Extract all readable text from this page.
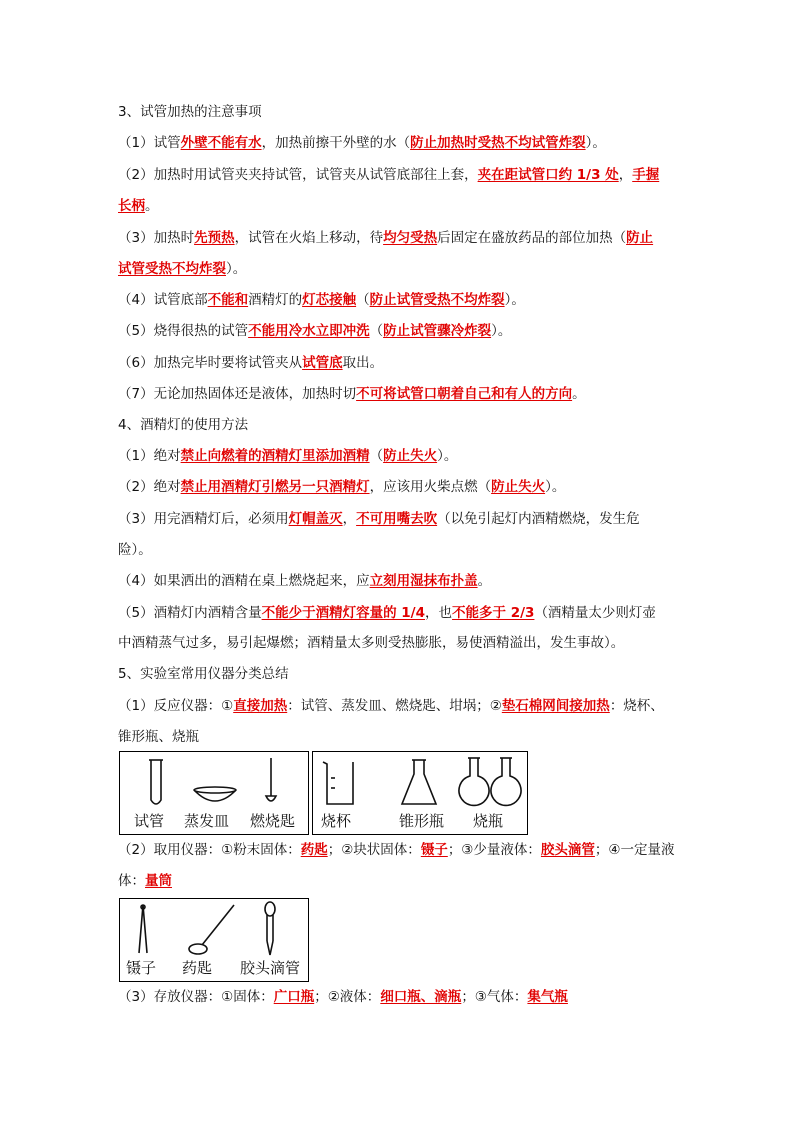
3、试管加热的注意事项
（1）试管外壁不能有水，加热前擦干外壁的水（防止加热时受热不均试管炸裂）。
（2）加热时用试管夹夹持试管，试管夹从试管底部往上套，夹在距试管口约 1/3 处，手握
长柄。
（3）加热时先预热，试管在火焰上移动，待均匀受热后固定在盛放药品的部位加热（防止
试管受热不均炸裂）。
（4）试管底部不能和酒精灯的灯芯接触（防止试管受热不均炸裂）。
（5）烧得很热的试管不能用冷水立即冲洗（防止试管骤冷炸裂）。
（6）加热完毕时要将试管夹从试管底取出。
（7）无论加热固体还是液体，加热时切不可将试管口朝着自己和有人的方向。
4、酒精灯的使用方法
（1）绝对禁止向燃着的酒精灯里添加酒精（防止失火）。
（2）绝对禁止用酒精灯引燃另一只酒精灯，应该用火柴点燃（防止失火）。
（3）用完酒精灯后，必须用灯帽盖灭，不可用嘴去吹（以免引起灯内酒精燃烧，发生危
险）。
（4）如果洒出的酒精在桌上燃烧起来，应立刻用湿抹布扑盖。
（5）酒精灯内酒精含量不能少于酒精灯容量的 1/4，也不能多于 2/3（酒精量太少则灯壶
中酒精蒸气过多，易引起爆燃；酒精量太多则受热膨胀，易使酒精溢出，发生事故）。
5、实验室常用仪器分类总结
（1）反应仪器：①直接加热：试管、蒸发皿、燃烧匙、坩埚；②垫石棉网间接加热：烧杯、
锥形瓶、烧瓶
试管 蒸发皿 燃烧匙 烧杯	锥形瓶 烧瓶
（2）取用仪器：①粉末固体：药匙；②块状固体：镊子；③少量液体：胶头滴管；④一定量液
体：量筒
镊子 药匙 胶头滴管
（3）存放仪器：①固体：广口瓶；②液体：细口瓶、滴瓶；③气体：集气瓶
